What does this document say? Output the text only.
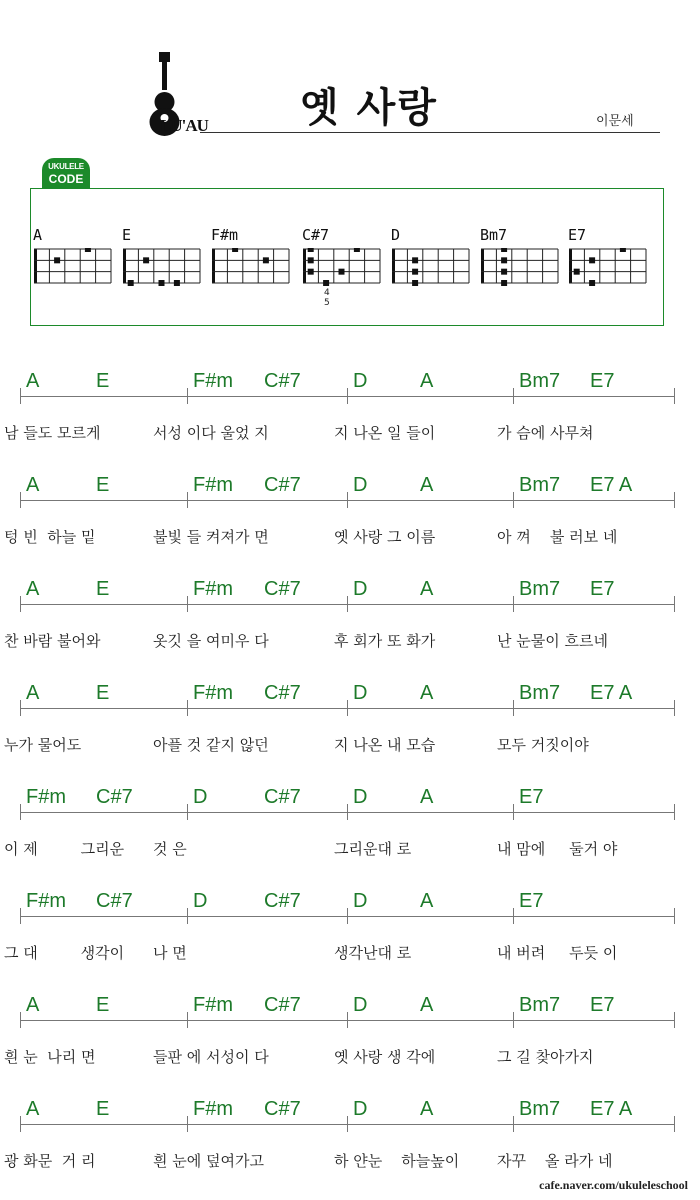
LU'AU 옛 사랑	이문세
UKULELE
CODE
A	E	F#m	C#7
4 5
D	Bm7	E7
A	E	F#m C#7	D	A	Bm7 E7
남 들도 모르게	서성 이다 울었 지	지 나온 일 들이	가 슴에 사무쳐
A	E	F#m C#7	D	A	Bm7 E7 A
텅 빈  하늘 밑	불빛 들 켜져가 면	옛 사랑 그 이름	아 껴    불 러보 네
A	E	F#m C#7	D	A	Bm7 E7
찬 바람 불어와	옷깃 을 여미우 다	후 회가 또 화가	난 눈물이 흐르네
A	E	F#m C#7	D	A	Bm7 E7 A
누가 물어도	아플 것 같지 않던	지 나온 내 모습	모두 거짓이야
F#m C#7	D	C#7	D	A	E7
이 제         그리운 것 은	그리운대 로	내 맘에     둘거 야
F#m C#7	D	C#7	D	A	E7
그 대         생각이 나 면	생각난대 로	내 버려     두듯 이
A	E	F#m C#7	D	A	Bm7 E7
흰 눈  나리 면	들판 에 서성이 다	옛 사랑 생 각에	그 길 찾아가지
A	E	F#m C#7	D	A	Bm7 E7 A
광 화문  거 리	흰 눈에 덮여가고	하 얀눈    하늘높이	자꾸    올 라가 네
cafe.naver.com/ukuleleschool
